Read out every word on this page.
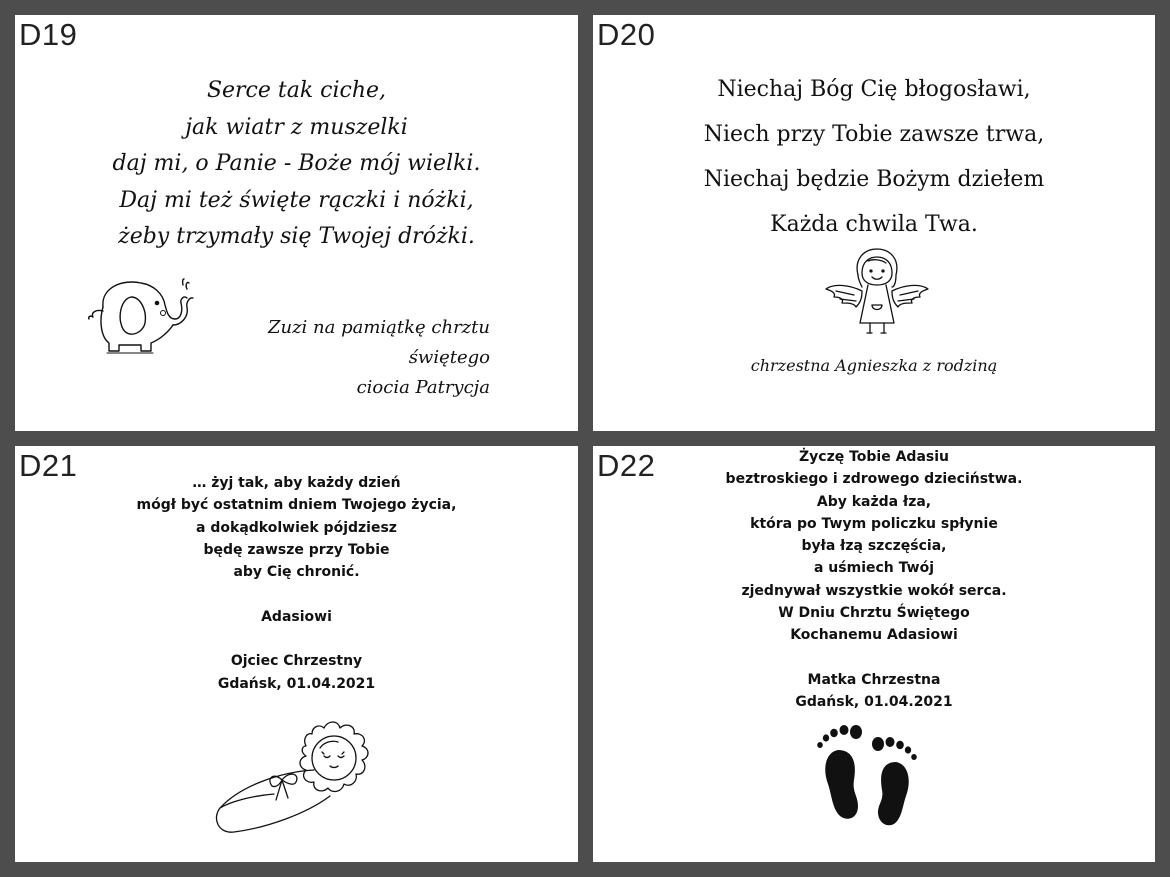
D19
Serce tak ciche,
jak wiatr z muszelki
daj mi, o Panie - Boże mój wielki.
Daj mi też święte rączki i nóżki,
żeby trzymały się Twojej dróżki.
Zuzi na pamiątkę chrztu świętego
ciocia Patrycja
D20
Niechaj Bóg Cię błogosławi,
Niech przy Tobie zawsze trwa,
Niechaj będzie Bożym dziełem
Każda chwila Twa.
chrzestna Agnieszka z rodziną
D21	… żyj tak, aby każdy dzień
mógł być ostatnim dniem Twojego życia,
a dokądkolwiek pójdziesz
będę zawsze przy Tobie
aby Cię chronić.
Adasiowi
Ojciec Chrzestny
Gdańsk, 01.04.2021
D22	Życzę Tobie Adasiu
beztroskiego i zdrowego dzieciństwa.
Aby każda łza,
która po Twym policzku spłynie
była łzą szczęścia,
a uśmiech Twój
zjednywał wszystkie wokół serca.
W Dniu Chrztu Świętego
Kochanemu Adasiowi
Matka Chrzestna
Gdańsk, 01.04.2021
